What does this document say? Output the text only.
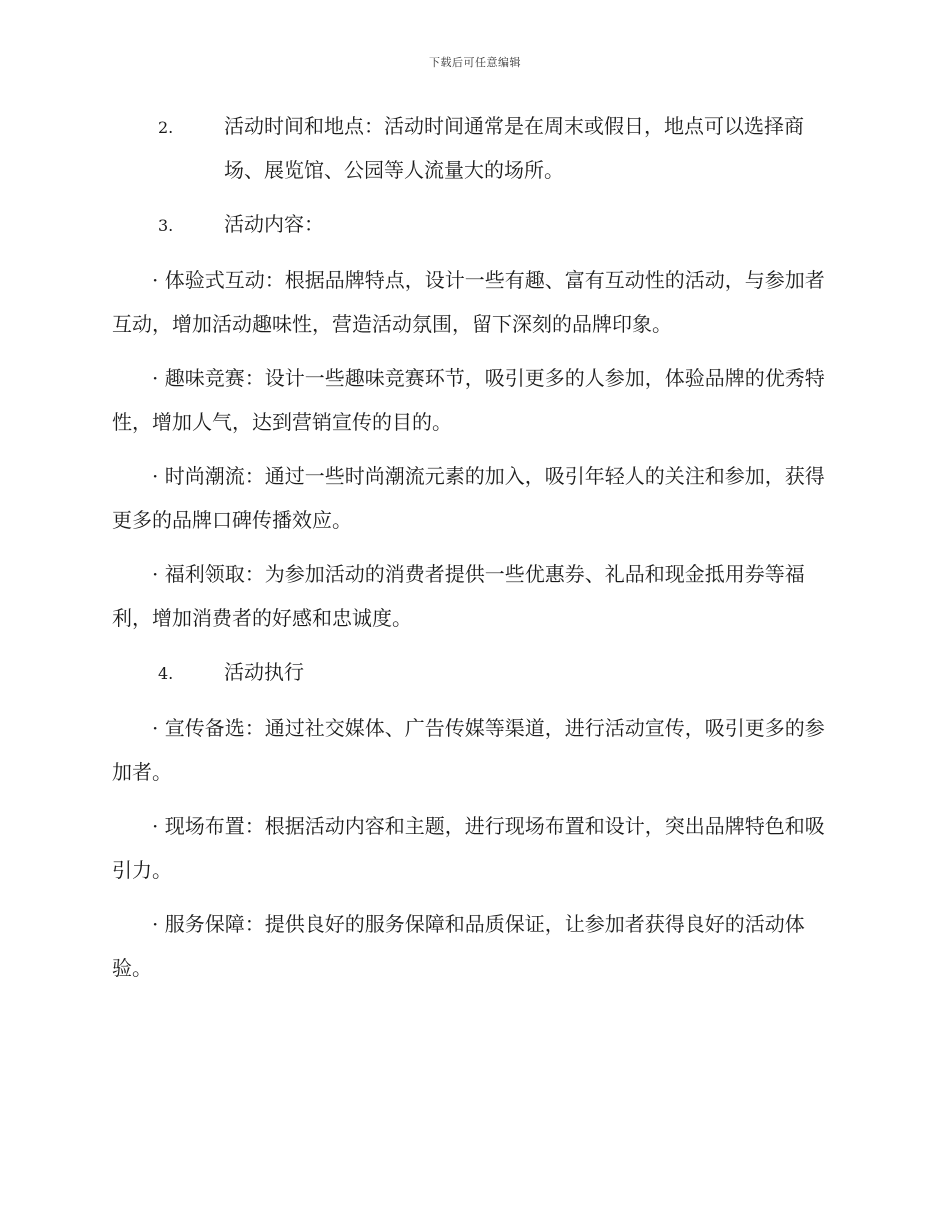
下载后可任意编辑
2.	活动时间和地点：活动时间通常是在周末或假日，地点可以选择商场、展览馆、公园等人流量大的场所。
3.	活动内容：

· 体验式互动：根据品牌特点，设计一些有趣、富有互动性的活动，与参加者互动，增加活动趣味性，营造活动氛围，留下深刻的品牌印象。

· 趣味竞赛：设计一些趣味竞赛环节，吸引更多的人参加，体验品牌的优秀特性，增加人气，达到营销宣传的目的。

· 时尚潮流：通过一些时尚潮流元素的加入，吸引年轻人的关注和参加，获得更多的品牌口碑传播效应。

· 福利领取：为参加活动的消费者提供一些优惠券、礼品和现金抵用券等福利，增加消费者的好感和忠诚度。

4.	活动执行

· 宣传备选：通过社交媒体、广告传媒等渠道，进行活动宣传，吸引更多的参加者。

· 现场布置：根据活动内容和主题，进行现场布置和设计，突出品牌特色和吸引力。

· 服务保障：提供良好的服务保障和品质保证，让参加者获得良好的活动体验。
